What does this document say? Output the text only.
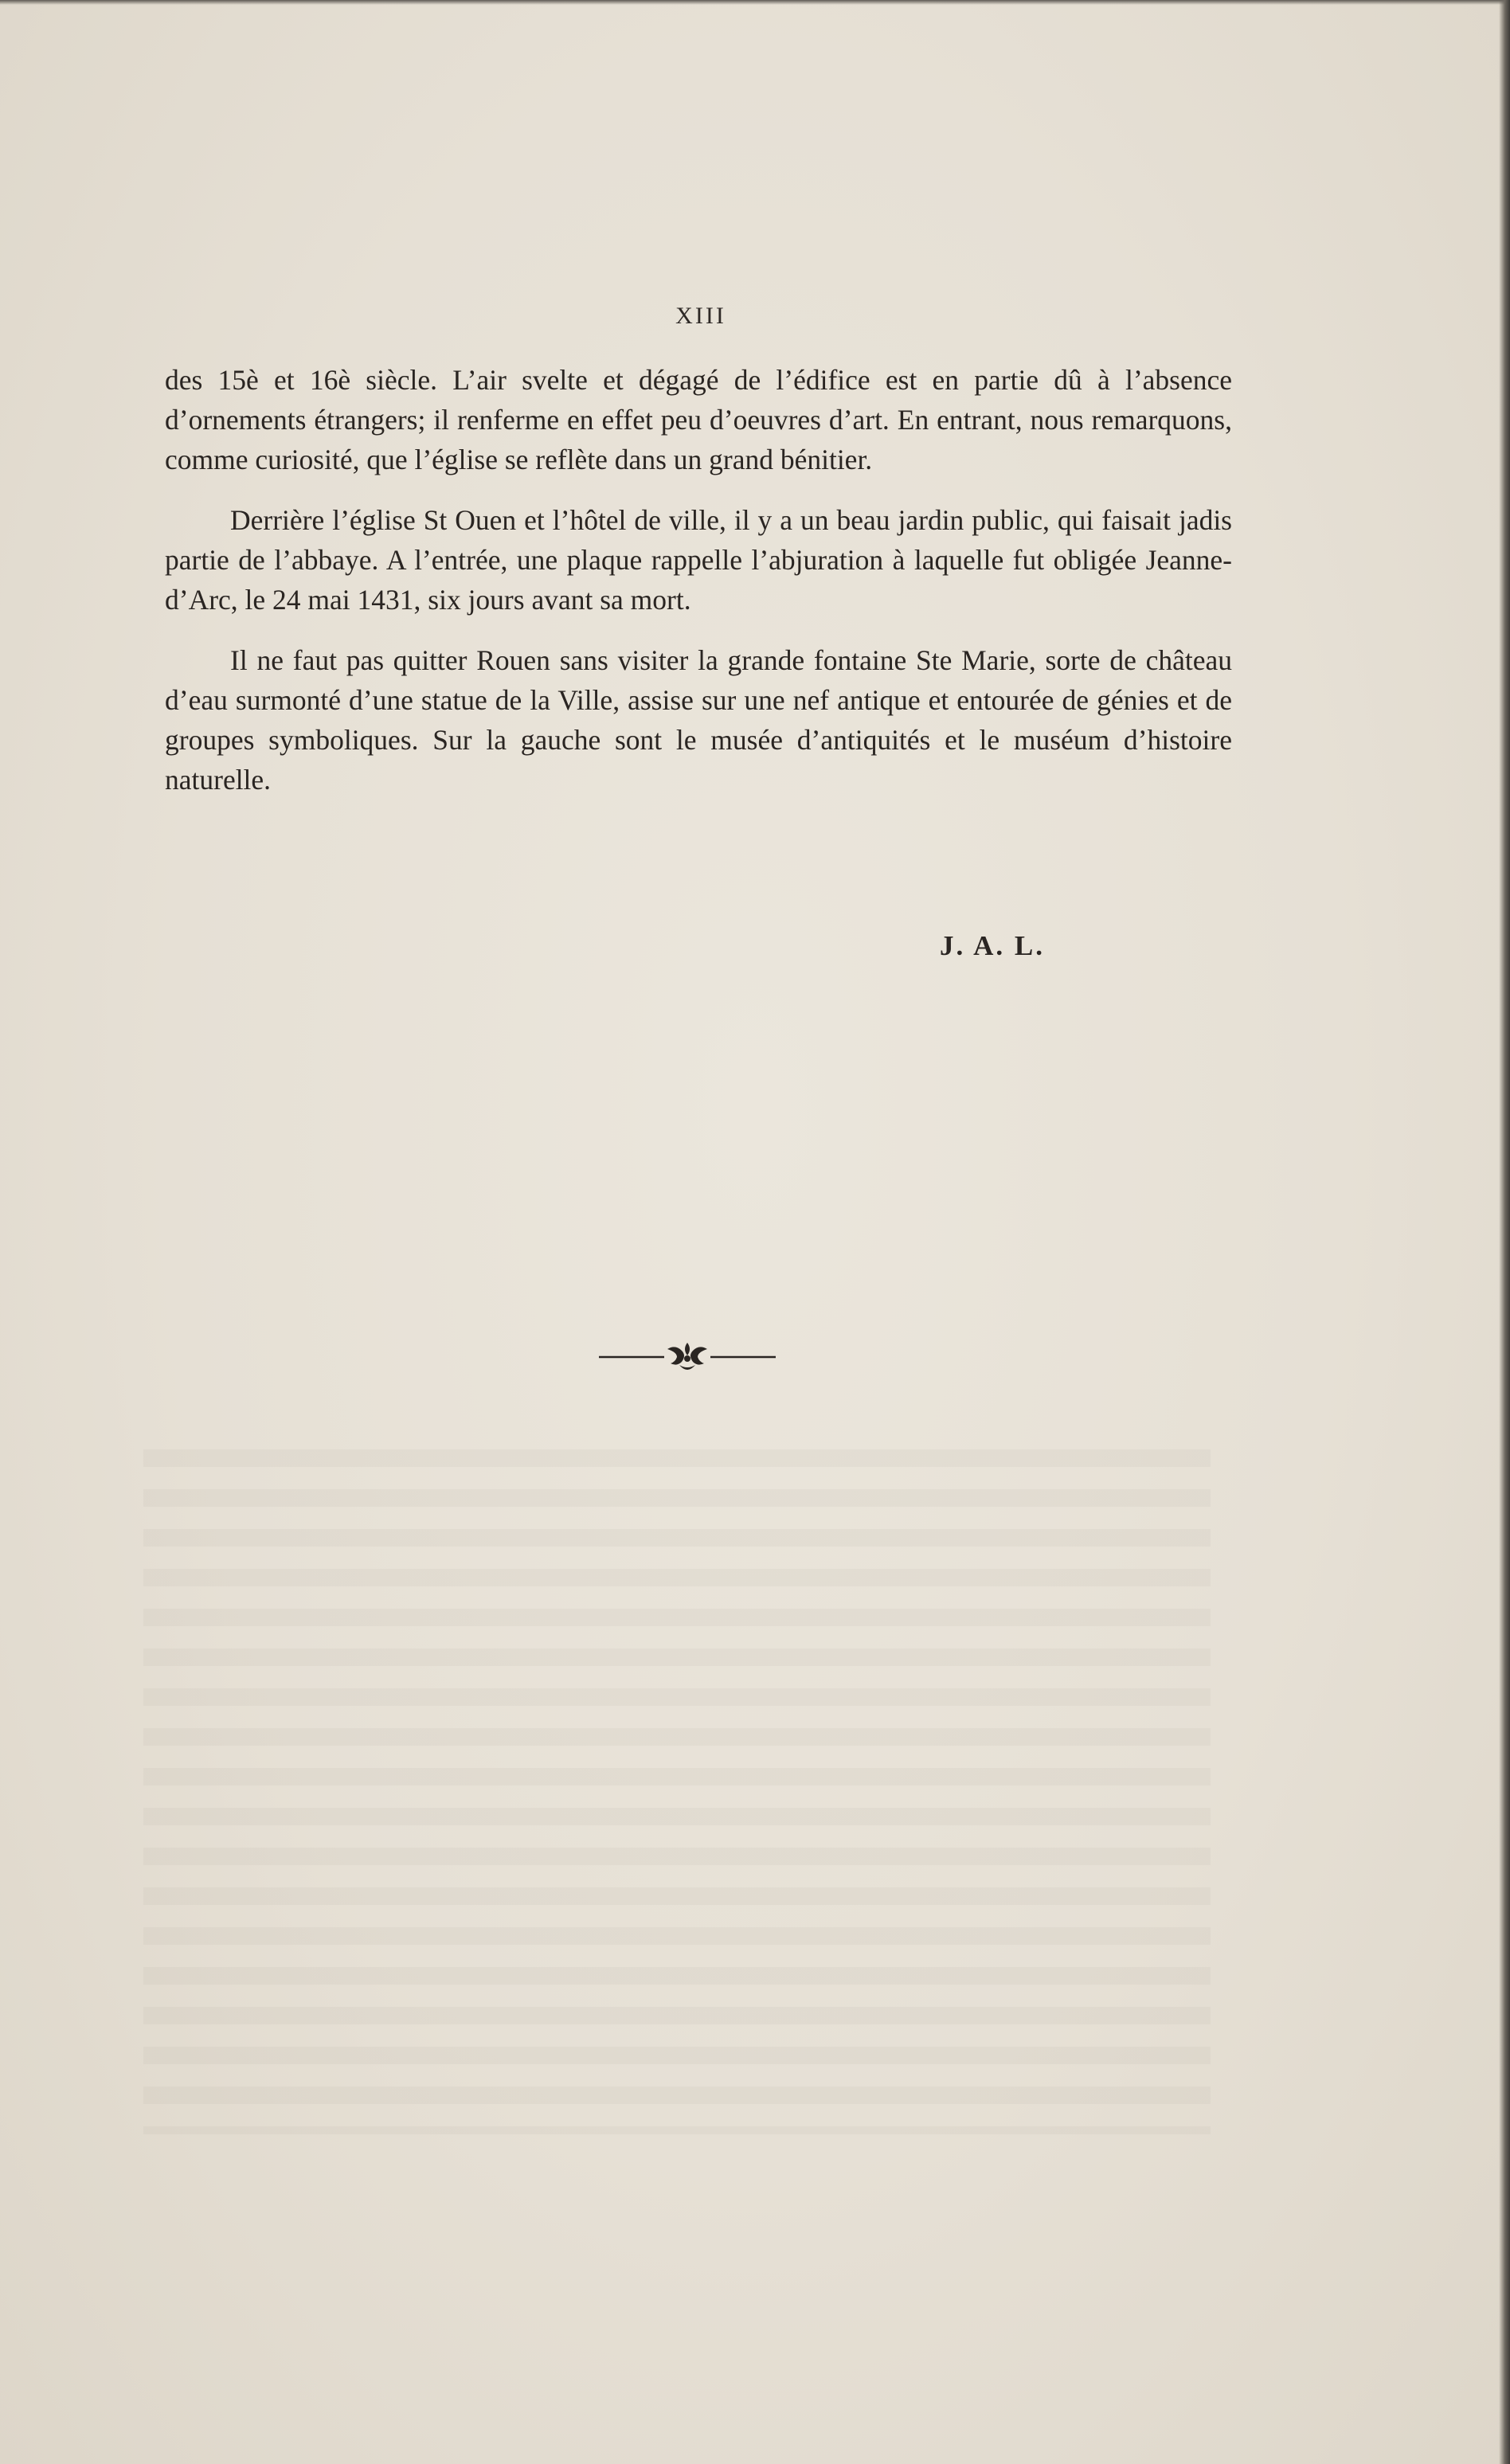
XIII

des 15è et 16è siècle. L’air svelte et dégagé de l’édifice est en partie dû à l’absence d’ornements étrangers; il renferme en effet peu d’oeuvres d’art. En entrant, nous remarquons, comme curiosité, que l’église se reflète dans un grand bénitier.

Derrière l’église St Ouen et l’hôtel de ville, il y a un beau jardin public, qui faisait jadis partie de l’abbaye. A l’entrée, une plaque rappelle l’abjuration à laquelle fut obligée Jeanne-d’Arc, le 24 mai 1431, six jours avant sa mort.

Il ne faut pas quitter Rouen sans visiter la grande fontaine Ste Marie, sorte de château d’eau surmonté d’une statue de la Ville, assise sur une nef antique et entourée de génies et de groupes symboliques. Sur la gauche sont le musée d’antiquités et le muséum d’histoire naturelle.

J. A. L.
